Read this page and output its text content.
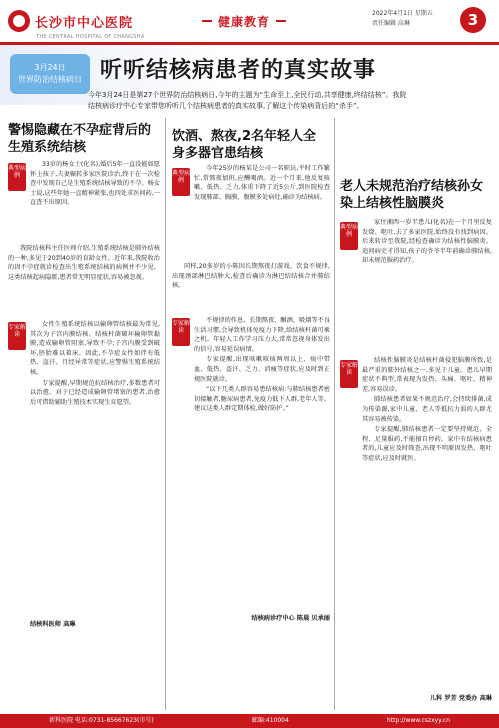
长沙市中心医院
THE CENTRAL HOSPITAL OF CHANGSHA
健康教育
2022年4月1日 星期五
责任编辑 高琳	3
3月24日
世界防治结核病日 听听结核病患者的真实故事
今年3月24日是第27个世界防治结核病日,今年的主题为“生命至上,全民行动,共享健康,终结结核”。我院结核病诊疗中心专家带您听听几个结核病患者的真实故事,了解这个传染病背后的“杀手”。
警惕隐藏在不孕症背后的生殖系统结核
典型病例

33岁的杨女士(化名),婚后5年一直没能如愿怀上孩子,夫妻辗转多家医院诊治,终于在一次检查中发现自己是生殖系统结核导致的不孕。杨女士说,这些年她一直精神紧张,也四处求医问药,一直查不出原因。

我院结核科主任医师介绍,生殖系统结核是肺外结核的一种,多见于20到40岁的育龄女性。近年来,我院收治的因不孕症就诊检查出生殖系统结核的病例并不少见。这类结核起病隐匿,患者常无明显症状,容易被忽视。

专家解读

女性生殖系统结核以输卵管结核最为常见,其次为子宫内膜结核。结核杆菌破坏输卵管黏膜,造成输卵管阻塞,导致不孕;子宫内膜受到破坏,胚胎难以着床。因此,不孕症女性如伴有低热、盗汗、月经异常等症状,应警惕生殖系统结核。

专家提醒,早期规范抗结核治疗,多数患者可以治愈。对于已经造成输卵管堵塞的患者,治愈后可借助辅助生殖技术实现生育愿望。

结核科医师 高琳
饮酒、熬夜,2名年轻人全身多器官患结核
典型病例

今年25岁的杨某是公司一名职员,平时工作繁忙,常熬夜加班,应酬喝酒。近一个月来,他反复咳嗽、低热、乏力,体重下降了近5公斤,到医院检查发现肺部、胸膜、腹膜多处病灶,确诊为结核病。

同样,20多岁的小陈因长期熬夜打游戏、饮食不规律,出现颈部淋巴结肿大,检查后确诊为淋巴结结核合并肺结核。

专家解读

不规律的作息、长期熬夜、酗酒、吸烟等不良生活习惯,会导致机体免疫力下降,给结核杆菌可乘之机。年轻人工作学习压力大,常常忽视身体发出的信号,容易延误病情。

专家提醒,出现咳嗽咳痰两周以上、痰中带血、低热、盗汗、乏力、消瘦等症状,应及时到正规医院就诊。

“以下几类人群容易患结核病:与肺结核患者密切接触者,糖尿病患者,免疫力低下人群,老年人等。建议这类人群定期体检,做好防护。”

结核病诊疗中心 陈晨 贝承丽
老人未规范治疗结核孙女染上结核性脑膜炎
典型病例

家住湘西一岁半患儿(化名)在一个月里反复发烧、呕吐,去了多家医院,始终没有找到病因。后来转诊至我院,经检查确诊为结核性脑膜炎。追问病史才得知,孩子的爷爷半年前确诊肺结核,却未规范服药治疗。

专家解读

结核性脑膜炎是结核杆菌侵犯脑膜所致,是最严重的肺外结核之一,多见于儿童。患儿早期症状不典型,常表现为发热、头痛、呕吐、精神差,容易误诊。

肺结核患者如果不规范治疗,会持续排菌,成为传染源,家中儿童、老人等抵抗力弱的人群尤其容易被传染。

专家提醒,肺结核患者一定要坚持规范、全程、足量服药,不能擅自停药。家中有结核病患者的,儿童应及时筛查,出现不明原因发热、呕吐等症状,应及时就医。

儿科 罗芳 党委办 高琳
新科医院 电话:0731-85667623(市号)	邮编:410004	http://www.cszxyy.cn
